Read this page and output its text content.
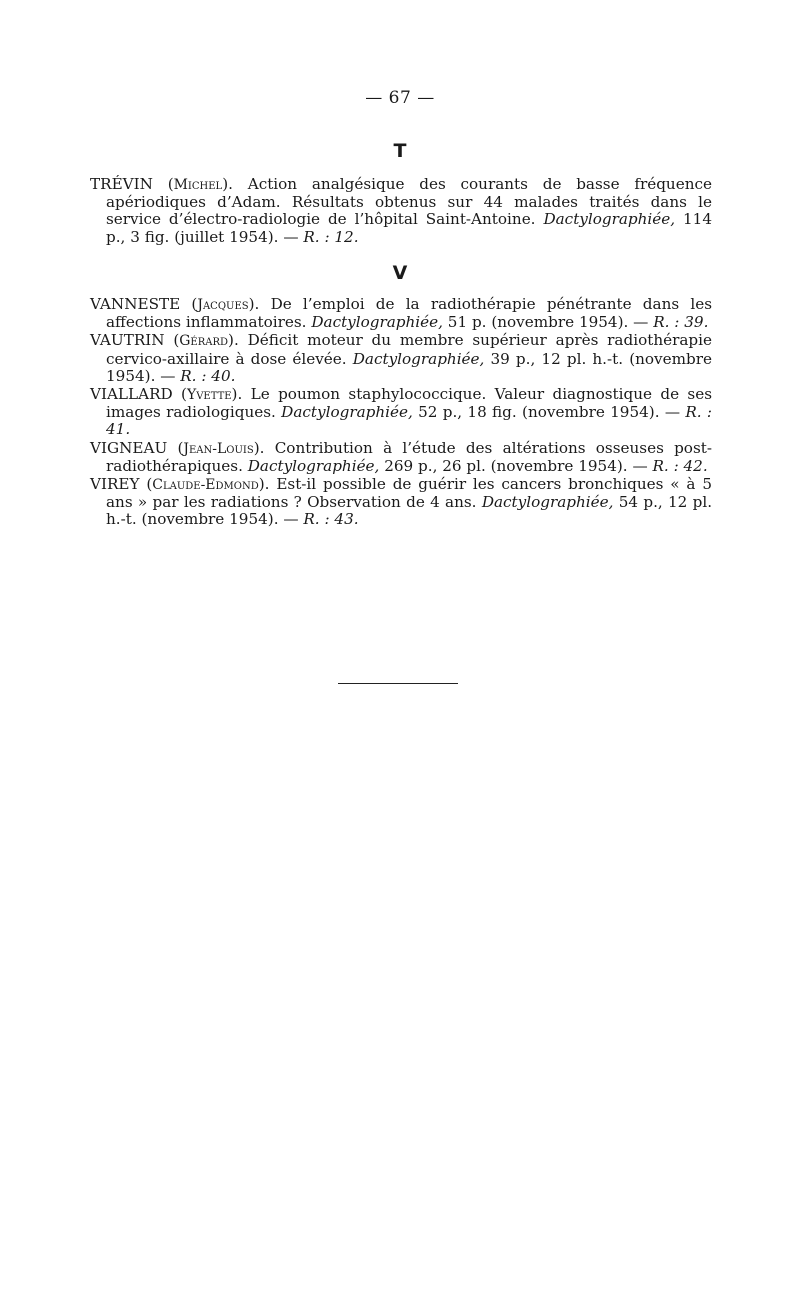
— 67 —
T

TRÉVIN (Michel). Action analgésique des courants de basse fréquence apériodiques d’Adam. Résultats obtenus sur 44 malades traités dans le service d’électro-radiologie de l’hôpital Saint-Antoine. Dactylographiée, 114 p., 3 fig. (juillet 1954). — R. : 12.

V

VANNESTE (Jacques). De l’emploi de la radiothérapie pénétrante dans les affections inflammatoires. Dactylographiée, 51 p. (novembre 1954). — R. : 39.

VAUTRIN (Gérard). Déficit moteur du membre supérieur après radiothérapie cervico-axillaire à dose élevée. Dactylographiée, 39 p., 12 pl. h.-t. (novembre 1954). — R. : 40.

VIALLARD (Yvette). Le poumon staphylococcique. Valeur diagnostique de ses images radiologiques. Dactylographiée, 52 p., 18 fig. (novembre 1954). — R. : 41.

VIGNEAU (Jean-Louis). Contribution à l’étude des altérations osseuses post-radiothérapiques. Dactylographiée, 269 p., 26 pl. (novembre 1954). — R. : 42.

VIREY (Claude-Edmond). Est-il possible de guérir les cancers bronchiques « à 5 ans » par les radiations ? Observation de 4 ans. Dactylographiée, 54 p., 12 pl. h.-t. (novembre 1954). — R. : 43.
